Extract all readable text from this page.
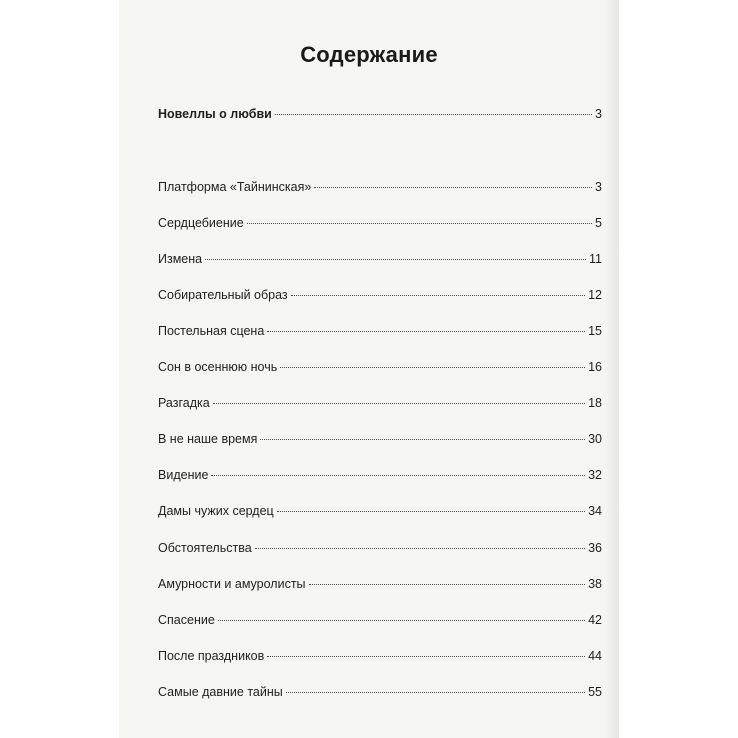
Содержание
Новеллы о любви	3
Платформа «Тайнинская»	3
Сердцебиение	5
Измена	11
Собирательный образ	12
Постельная сцена	15
Сон в осеннюю ночь	16
Разгадка	18
В не наше время	30
Видение	32
Дамы чужих сердец	34
Обстоятельства	36
Амурности и амуролисты	38
Спасение	42
После праздников	44
Самые давние тайны	55
